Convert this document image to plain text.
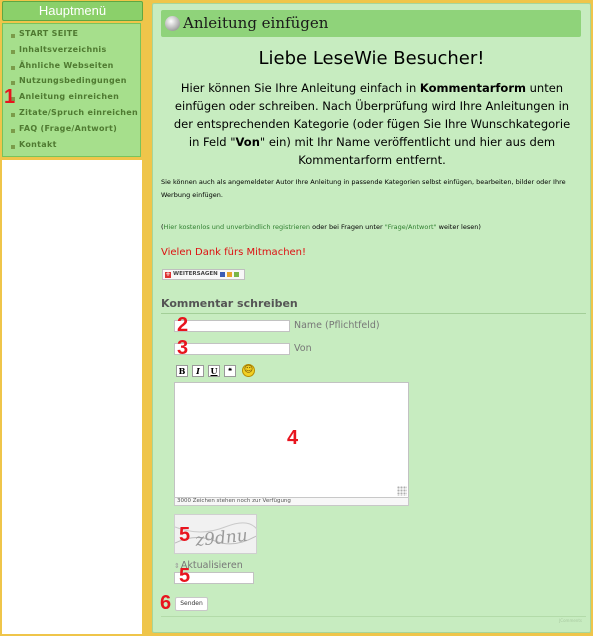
Hauptmenü
START SEITE
Inhaltsverzeichnis
Ähnliche Webseiten
Nutzungsbedingungen
Anleitung einreichen
Zitate/Spruch einreichen
FAQ (Frage/Antwort)
Kontakt
Anleitung einfügen
Liebe LeseWie Besucher!

Hier können Sie Ihre Anleitung einfach in Kommentarform unten einfügen oder schreiben. Nach Überprüfung wird Ihre Anleitungen in der entsprechenden Kategorie (oder fügen Sie Ihre Wunschkategorie in Feld "Von" ein) mit Ihr Name veröffentlicht und hier aus dem Kommentarform entfernt.

Sie können auch als angemeldeter Autor Ihre Anleitung in passende Kategorien selbst einfügen, bearbeiten, bilder oder Ihre Werbung einfügen.

(Hier kostenlos und unverbindlich registrieren oder bei Fragen unter "Frage/Antwort" weiter lesen)

Vielen Dank fürs Mitmachen!
+ WEITERSAGEN
Kommentar schreiben
Name (Pflichtfeld)
Von
B	I	U	❝	☺
3000 Zeichen stehen noch zur Verfügung
z9dnu
⇕Aktualisieren
Senden
JComments
1
2
3
4
5
5
6
